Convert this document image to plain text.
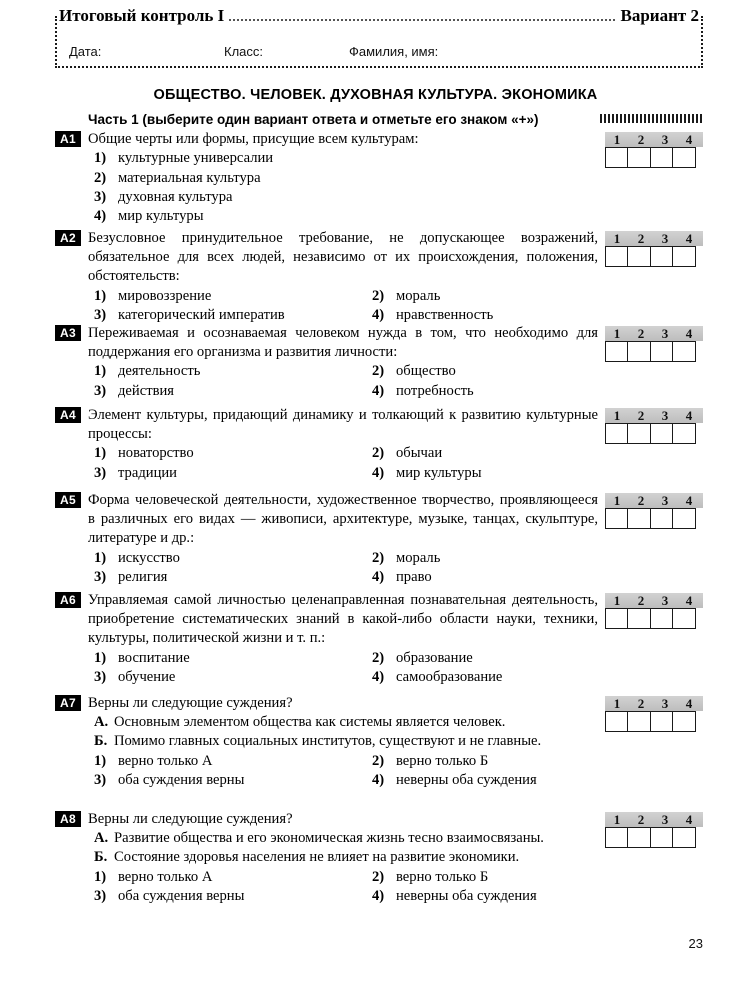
Итоговый контроль I	Вариант 2
Дата:	Класс:	Фамилия, имя:
ОБЩЕСТВО. ЧЕЛОВЕК. ДУХОВНАЯ КУЛЬТУРА. ЭКОНОМИКА
Часть 1 (выберите один вариант ответа и отметьте его знаком «+»)
A1 Общие черты или формы, присущие всем культурам:

1) культурные универсалии
2) материальная культура
3) духовная культура
4) мир культуры
1	2	3	4
A2 Безусловное принудительное требование, не допускающее возражений, обязательное для всех людей, независимо от их происхождения, положения, обстоятельств:

1) мировоззрение	2) мораль
3) категорический императив	4) нравственность
1	2	3	4
A3 Переживаемая и осознаваемая человеком нужда в том, что необходимо для поддержания его организма и развития личности:

1) деятельность	2) общество
3) действия	4) потребность
1	2	3	4
A4 Элемент культуры, придающий динамику и толкающий к развитию культурные процессы:

1) новаторство	2) обычаи
3) традиции	4) мир культуры
1	2	3	4
A5 Форма человеческой деятельности, художественное творчество, проявляющееся в различных его видах — живописи, архитектуре, музыке, танцах, скульптуре, литературе и др.:

1) искусство	2) мораль
3) религия	4) право
1	2	3	4
A6 Управляемая самой личностью целенаправленная познавательная деятельность, приобретение систематических знаний в какой-либо области науки, техники, культуры, политической жизни и т. п.:

1) воспитание	2) образование
3) обучение	4) самообразование
1	2	3	4
A7 Верны ли следующие суждения?

А. Основным элементом общества как системы является человек.
Б. Помимо главных социальных институтов, существуют и не главные.
1) верно только А	2) верно только Б
3) оба суждения верны	4) неверны оба суждения
1	2	3	4
A8 Верны ли следующие суждения?

А. Развитие общества и его экономическая жизнь тесно взаимосвязаны.
Б. Состояние здоровья населения не влияет на развитие экономики.
1) верно только А	2) верно только Б
3) оба суждения верны	4) неверны оба суждения
1	2	3	4
23
